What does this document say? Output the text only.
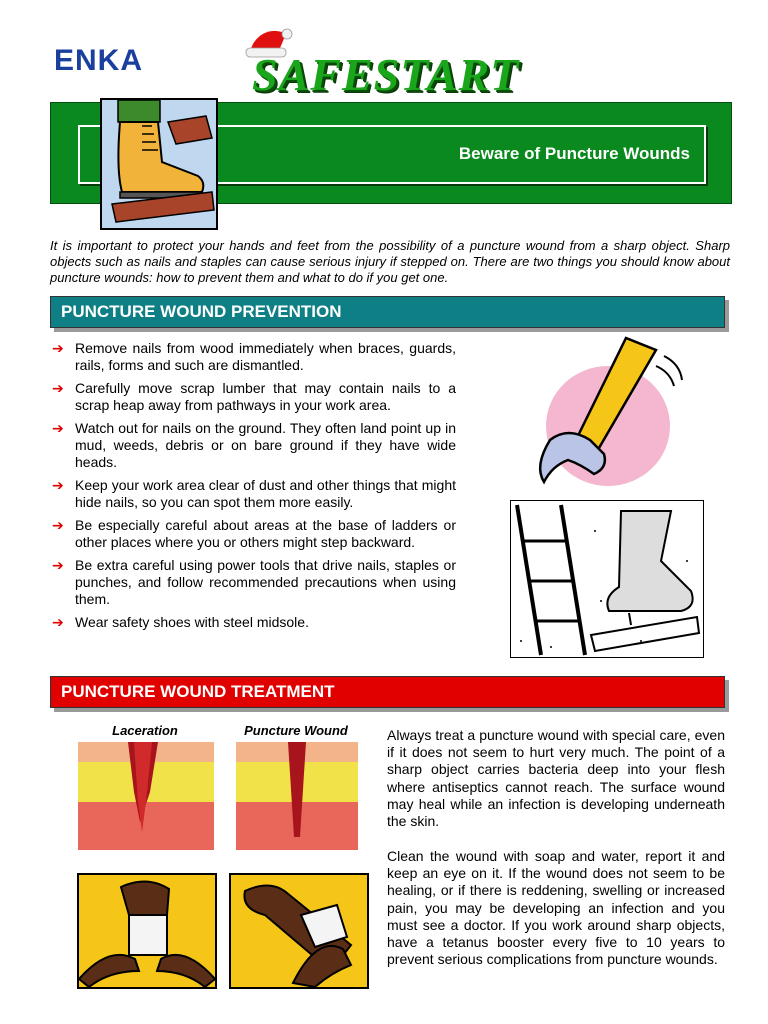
ENKA SAFESTART
Beware of Puncture Wounds
It is important to protect your hands and feet from the possibility of a puncture wound from a sharp object. Sharp objects such as nails and staples can cause serious injury if stepped on. There are two things you should know about puncture wounds: how to prevent them and what to do if you get one.
PUNCTURE WOUND PREVENTION
➔ Remove nails from wood immediately when braces, guards, rails, forms and such are dismantled.
➔ Carefully move scrap lumber that may contain nails to a scrap heap away from pathways in your work area.
➔ Watch out for nails on the ground. They often land point up in mud, weeds, debris or on bare ground if they have wide heads.
➔ Keep your work area clear of dust and other things that might hide nails, so you can spot them more easily.
➔ Be especially careful about areas at the base of ladders or other places where you or others might step backward.
➔ Be extra careful using power tools that drive nails, staples or punches, and follow recommended precautions when using them.
➔ Wear safety shoes with steel midsole.
PUNCTURE WOUND TREATMENT
Laceration	Puncture Wound	Always treat a puncture wound with special care, even if it does not seem to hurt very much. The point of a sharp object carries bacteria deep into your flesh where antiseptics cannot reach. The surface wound may heal while an infection is developing underneath the skin.
Clean the wound with soap and water, report it and keep an eye on it. If the wound does not seem to be healing, or if there is reddening, swelling or increased pain, you may be developing an infection and you must see a doctor. If you work around sharp objects, have a tetanus booster every five to 10 years to prevent serious complications from puncture wounds.
